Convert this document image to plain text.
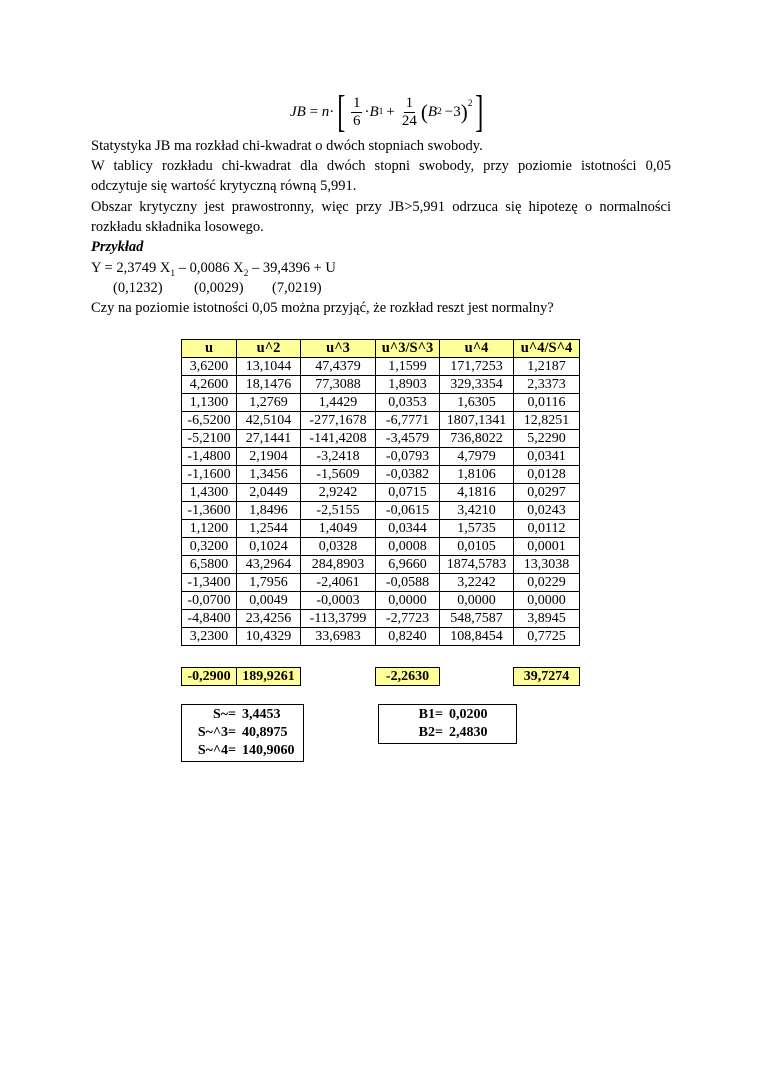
JB = n · [ $\frac{1}{6} \cdot B$ $1 + \frac{1}{24}$ ( B 2 −3 )$^2$ ]
Statystyka JB ma rozkład chi-kwadrat o dwóch stopniach swobody.
W tablicy rozkładu chi-kwadrat dla dwóch stopni swobody, przy poziomie istotności 0,05
odczytuje się wartość krytyczną równą 5,991.
Obszar krytyczny jest prawostronny, więc przy JB>5,991 odrzuca się hipotezę o normalności
rozkładu składnika losowego.
Przykład
Y = 2,3749 $X_1 - 0,0086$ $X_2 - 39,4396 + U$
(0,1232) (0,0029) (7,0219)
Czy na poziomie istotności 0,05 można przyjąć, że rozkład reszt jest normalny?
u	u^2	u^3	u^3/S^3	u^4	u^4/S^4
3,6200	13,1044	47,4379	1,1599	171,7253	1,2187
4,2600	18,1476	77,3088	1,8903	329,3354	2,3373
1,1300	1,2769	1,4429	0,0353	1,6305	0,0116
-6,5200	42,5104	-277,1678	-6,7771	1807,1341	12,8251
-5,2100	27,1441	-141,4208	-3,4579	736,8022	5,2290
-1,4800	2,1904	-3,2418	-0,0793	4,7979	0,0341
-1,1600	1,3456	-1,5609	-0,0382	1,8106	0,0128
1,4300	2,0449	2,9242	0,0715	4,1816	0,0297
-1,3600	1,8496	-2,5155	-0,0615	3,4210	0,0243
1,1200	1,2544	1,4049	0,0344	1,5735	0,0112
0,3200	0,1024	0,0328	0,0008	0,0105	0,0001
6,5800	43,2964	284,8903	6,9660	1874,5783	13,3038
-1,3400	1,7956	-2,4061	-0,0588	3,2242	0,0229
-0,0700	0,0049	-0,0003	0,0000	0,0000	0,0000
-4,8400	23,4256	-113,3799	-2,7723	548,7587	3,8945
3,2300	10,4329	33,6983	0,8240	108,8454	0,7725
-0,2900	189,9261		-2,2630		39,7274
S~= 3,4453
S~^3= 40,8975
S~^4= 140,9060
B1= 0,0200
B2= 2,4830
